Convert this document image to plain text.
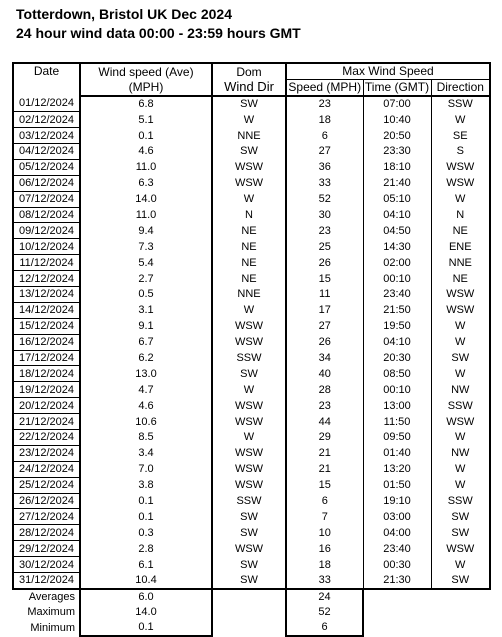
Totterdown, Bristol UK Dec 2024
24 hour wind data 00:00 - 23:59 hours GMT
Date	Wind speed (Ave)	Dom	Max Wind Speed		
	(MPH)	Wind Dir	Speed (MPH)	Time (GMT)	Direction
01/12/2024	6.8	SW	23	07:00	SSW
02/12/2024	5.1	W	18	10:40	W
03/12/2024	0.1	NNE	6	20:50	SE
04/12/2024	4.6	SW	27	23:30	S
05/12/2024	11.0	WSW	36	18:10	WSW
06/12/2024	6.3	WSW	33	21:40	WSW
07/12/2024	14.0	W	52	05:10	W
08/12/2024	11.0	N	30	04:10	N
09/12/2024	9.4	NE	23	04:50	NE
10/12/2024	7.3	NE	25	14:30	ENE
11/12/2024	5.4	NE	26	02:00	NNE
12/12/2024	2.7	NE	15	00:10	NE
13/12/2024	0.5	NNE	11	23:40	WSW
14/12/2024	3.1	W	17	21:50	WSW
15/12/2024	9.1	WSW	27	19:50	W
16/12/2024	6.7	WSW	26	04:10	W
17/12/2024	6.2	SSW	34	20:30	SW
18/12/2024	13.0	SW	40	08:50	W
19/12/2024	4.7	W	28	00:10	NW
20/12/2024	4.6	WSW	23	13:00	SSW
21/12/2024	10.6	WSW	44	11:50	WSW
22/12/2024	8.5	W	29	09:50	W
23/12/2024	3.4	WSW	21	01:40	NW
24/12/2024	7.0	WSW	21	13:20	W
25/12/2024	3.8	WSW	15	01:50	W
26/12/2024	0.1	SSW	6	19:10	SSW
27/12/2024	0.1	SW	7	03:00	SW
28/12/2024	0.3	SW	10	04:00	SW
29/12/2024	2.8	WSW	16	23:40	WSW
30/12/2024	6.1	SW	18	00:30	W
31/12/2024	10.4	SW	33	21:30	SW
Averages	6.0		24		
Maximum	14.0		52		
Minimum	0.1		6		
